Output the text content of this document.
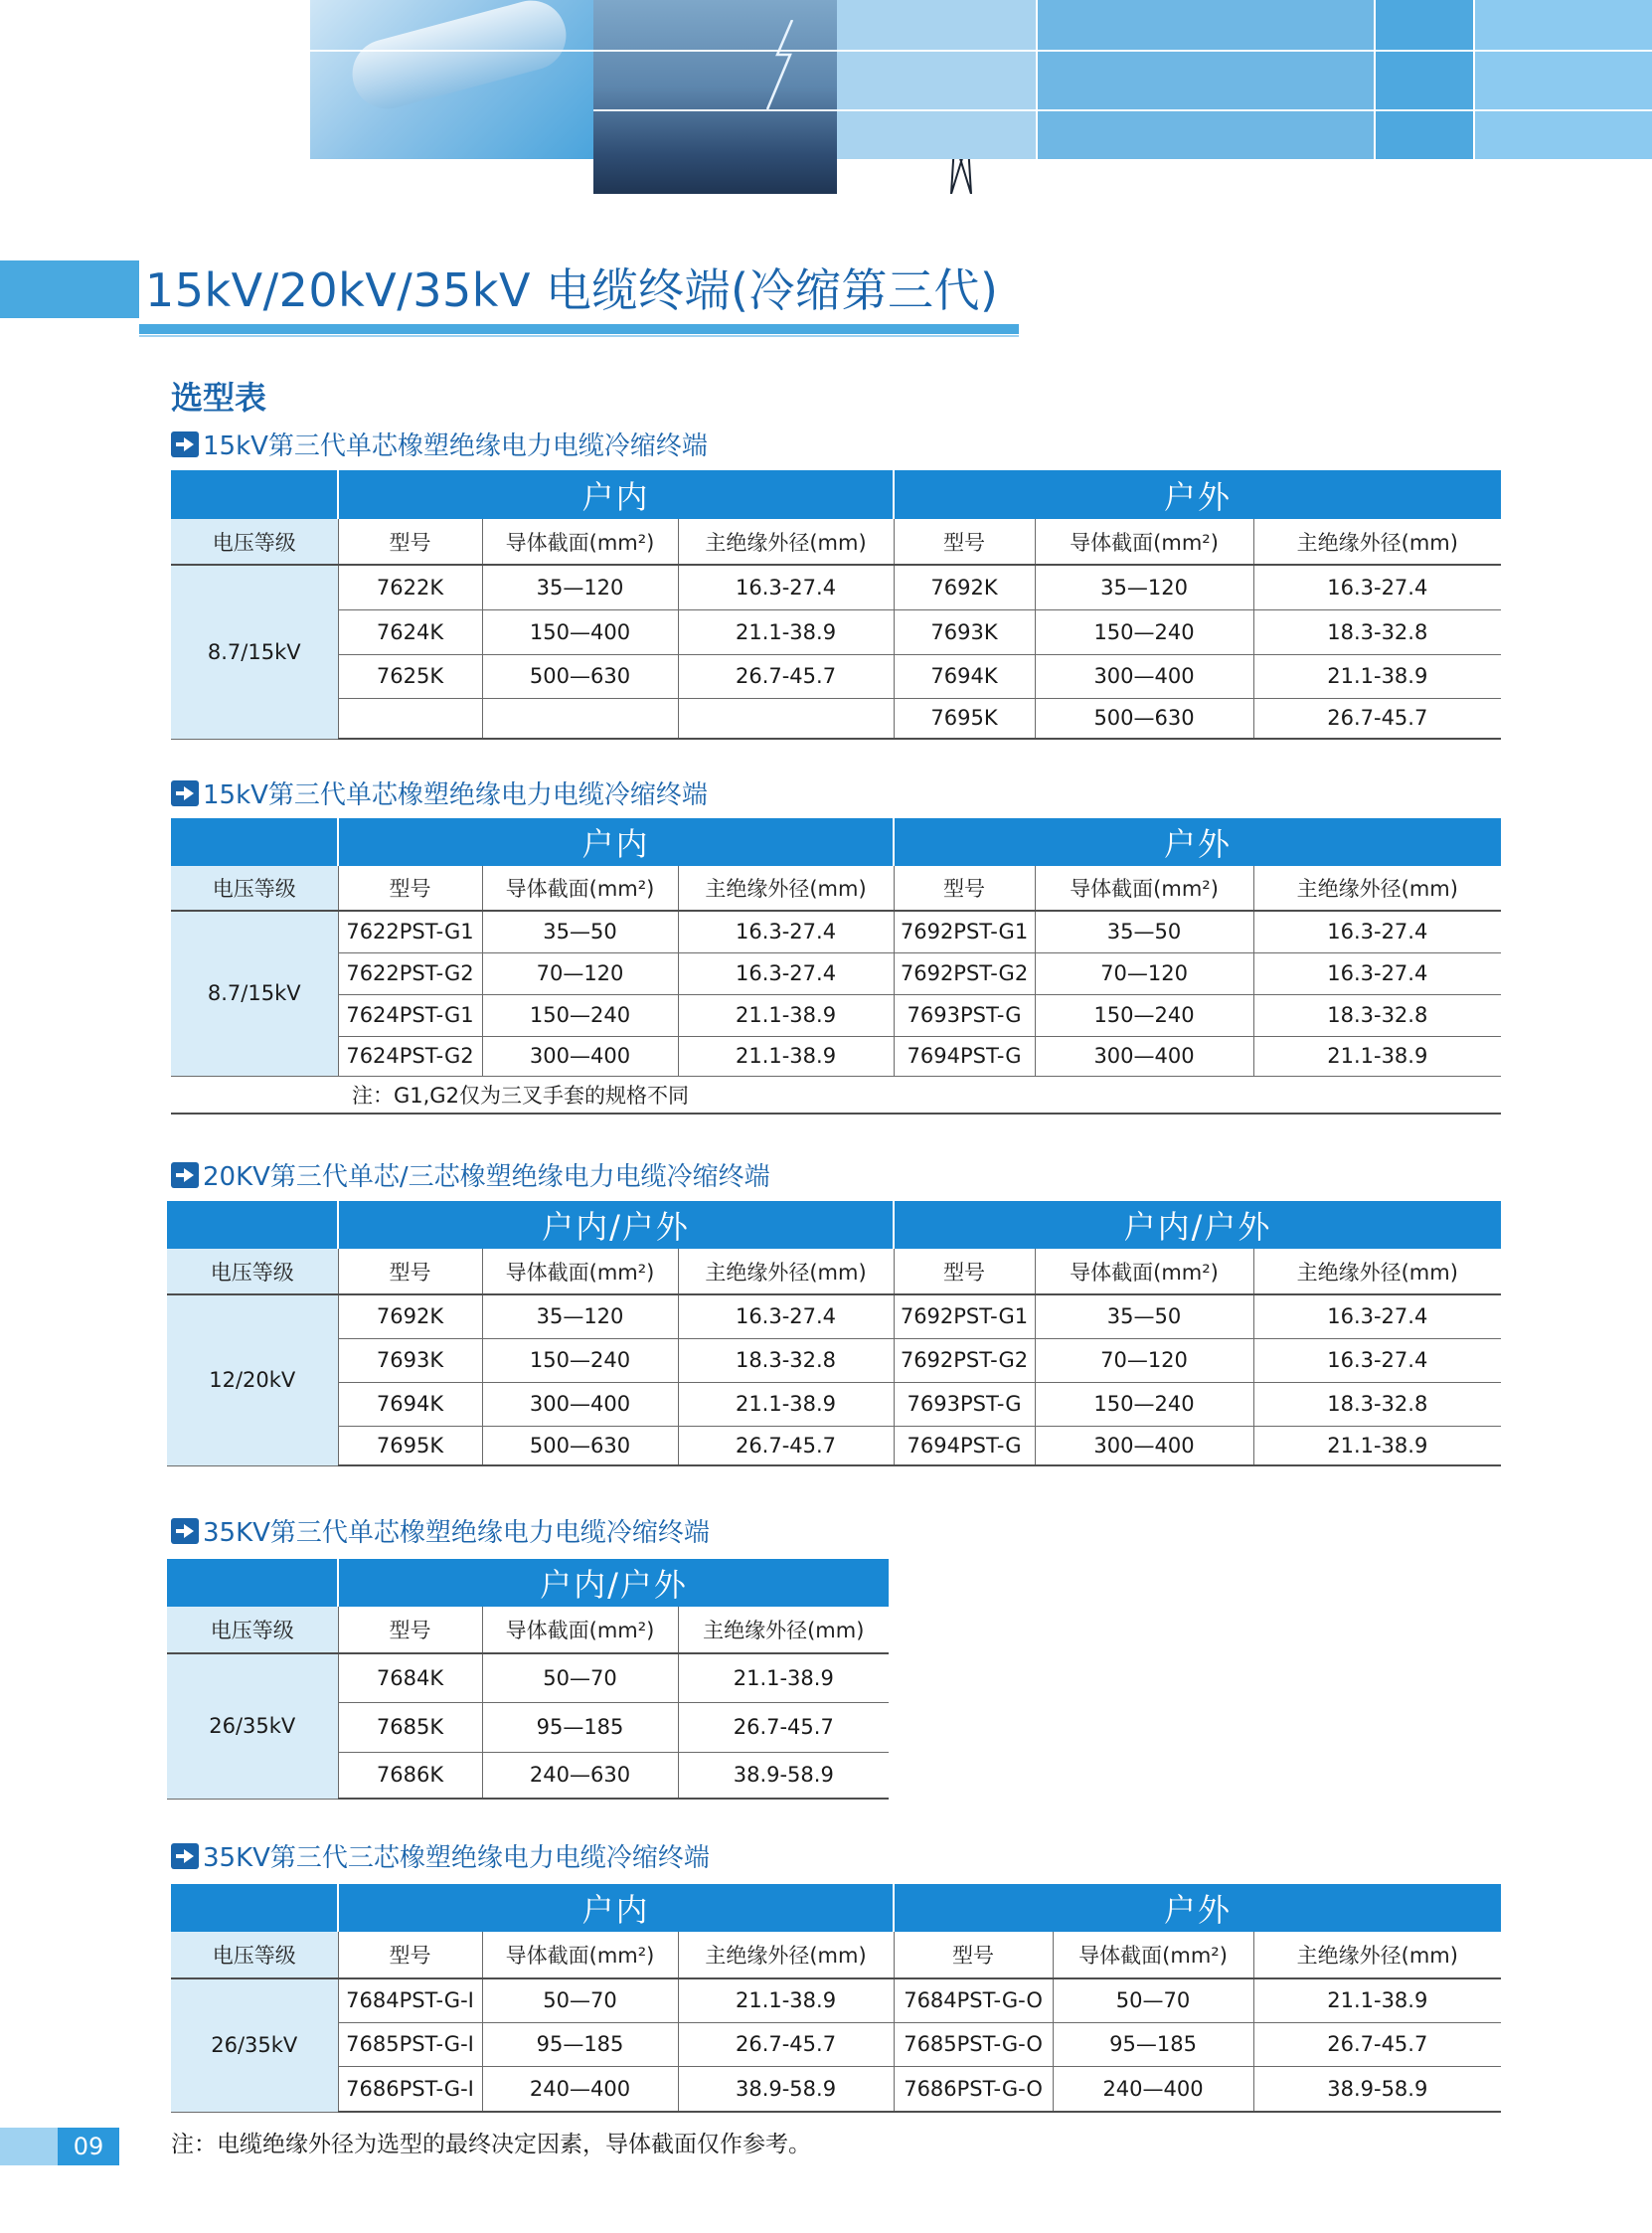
15kV/20kV/35kV 电缆终端(冷缩第三代)
选型表
15kV第三代单芯橡塑绝缘电力电缆冷缩终端
	户内			户外		
电压等级	型号	导体截面(mm²)	主绝缘外径(mm)	型号	导体截面(mm²)	主绝缘外径(mm)
8.7/15kV	7622K	35—120	16.3-27.4	7692K	35—120	16.3-27.4
	7624K	150—400	21.1-38.9	7693K	150—240	18.3-32.8
	7625K	500—630	26.7-45.7	7694K	300—400	21.1-38.9
				7695K	500—630	26.7-45.7
15kV第三代单芯橡塑绝缘电力电缆冷缩终端
	户内			户外		
电压等级	型号	导体截面(mm²)	主绝缘外径(mm)	型号	导体截面(mm²)	主绝缘外径(mm)
8.7/15kV	7622PST-G1	35—50	16.3-27.4	7692PST-G1	35—50	16.3-27.4
	7622PST-G2	70—120	16.3-27.4	7692PST-G2	70—120	16.3-27.4
	7624PST-G1	150—240	21.1-38.9	7693PST-G	150—240	18.3-32.8
	7624PST-G2	300—400	21.1-38.9	7694PST-G	300—400	21.1-38.9
	注：G1,G2仅为三叉手套的规格不同					
20KV第三代单芯/三芯橡塑绝缘电力电缆冷缩终端
	户内/户外			户内/户外		
电压等级	型号	导体截面(mm²)	主绝缘外径(mm)	型号	导体截面(mm²)	主绝缘外径(mm)
12/20kV	7692K	35—120	16.3-27.4	7692PST-G1	35—50	16.3-27.4
	7693K	150—240	18.3-32.8	7692PST-G2	70—120	16.3-27.4
	7694K	300—400	21.1-38.9	7693PST-G	150—240	18.3-32.8
	7695K	500—630	26.7-45.7	7694PST-G	300—400	21.1-38.9
35KV第三代单芯橡塑绝缘电力电缆冷缩终端
	户内/户外		
电压等级	型号	导体截面(mm²)	主绝缘外径(mm)
26/35kV	7684K	50—70	21.1-38.9
	7685K	95—185	26.7-45.7
	7686K	240—630	38.9-58.9
35KV第三代三芯橡塑绝缘电力电缆冷缩终端
	户内			户外		
电压等级	型号	导体截面(mm²)	主绝缘外径(mm)	型号	导体截面(mm²)	主绝缘外径(mm)
26/35kV	7684PST-G-I	50—70	21.1-38.9	7684PST-G-O	50—70	21.1-38.9
	7685PST-G-I	95—185	26.7-45.7	7685PST-G-O	95—185	26.7-45.7
	7686PST-G-I	240—400	38.9-58.9	7686PST-G-O	240—400	38.9-58.9
09	注：电缆绝缘外径为选型的最终决定因素，导体截面仅作参考。
